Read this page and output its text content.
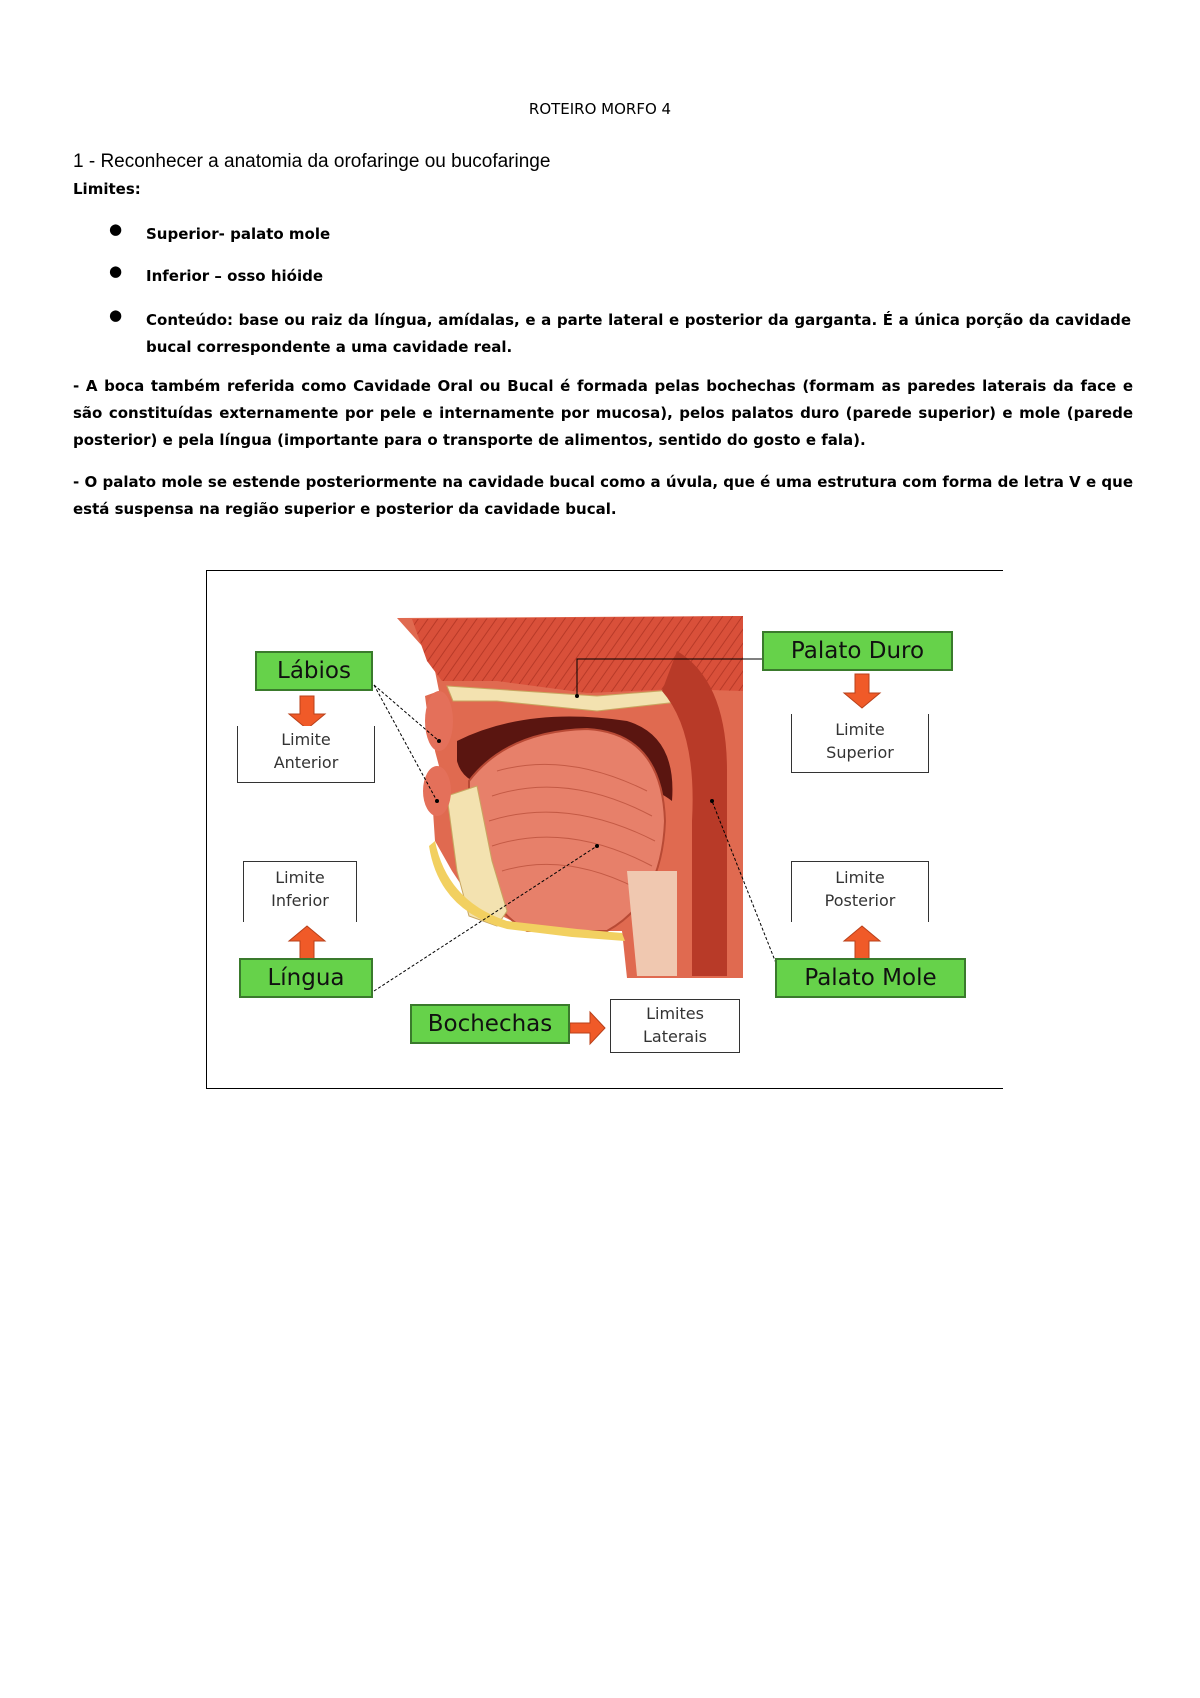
ROTEIRO MORFO 4
1 - Reconhecer a anatomia da orofaringe ou bucofaringe
Limites:
● Superior- palato mole
● Inferior – osso hióide
● Conteúdo: base ou raiz da língua, amídalas, e a parte lateral e posterior da garganta. É a única porção da cavidade bucal correspondente a uma cavidade real.

- A boca também referida como Cavidade Oral ou Bucal é formada pelas bochechas (formam as paredes laterais da face e são constituídas externamente por pele e internamente por mucosa), pelos palatos duro (parede superior) e mole (parede posterior) e pela língua (importante para o transporte de alimentos, sentido do gosto e fala).

- O palato mole se estende posteriormente na cavidade bucal como a úvula, que é uma estrutura com forma de letra V e que está suspensa na região superior e posterior da cavidade bucal.

Lábios
Palato Duro
Língua	Palato Mole
Bochechas
Limite
Anterior
Limite
Superior
Limite
Inferior
Limite
Posterior
Limites
Laterais
